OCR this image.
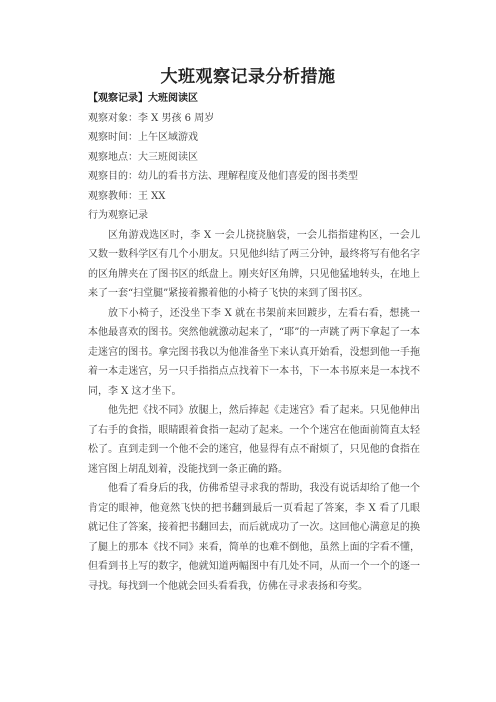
大班观察记录分析措施
【观察记录】大班阅读区
观察对象：李 X 男孩 6 周岁
观察时间：上午区域游戏
观察地点：大三班阅读区
观察目的：幼儿的看书方法、理解程度及他们喜爱的图书类型
观察教师：王 XX
行为观察记录
区角游戏选区时，李 X 一会儿挠挠脑袋，一会儿指指建构区，一会儿又数一数科学区有几个小朋友。只见他纠结了两三分钟，最终将写有他名字的区角牌夹在了图书区的纸盘上。刚夹好区角牌，只见他猛地转头，在地上来了一套“扫堂腿”紧接着搬着他的小椅子飞快的来到了图书区。
放下小椅子，还没坐下李 X 就在书架前来回踱步，左看右看，想挑一本他最喜欢的图书。突然他就激动起来了，“耶”的一声跳了两下拿起了一本走迷宫的图书。拿完图书我以为他准备坐下来认真开始看，没想到他一手拖着一本走迷宫，另一只手指指点点找着下一本书，下一本书原来是一本找不同，李 X 这才坐下。
他先把《找不同》放腿上，然后捧起《走迷宫》看了起来。只见他伸出了右手的食指，眼睛跟着食指一起动了起来。一个个迷宫在他面前简直太轻松了。直到走到一个他不会的迷宫，他显得有点不耐烦了，只见他的食指在迷宫图上胡乱划着，没能找到一条正确的路。
他看了看身后的我，仿佛希望寻求我的帮助，我没有说话却给了他一个肯定的眼神，他竟然飞快的把书翻到最后一页看起了答案，李 X 看了几眼就记住了答案，接着把书翻回去，而后就成功了一次。这回他心满意足的换了腿上的那本《找不同》来看，简单的也难不倒他，虽然上面的字看不懂，但看到书上写的数字，他就知道两幅图中有几处不同，从而一个一个的逐一寻找。每找到一个他就会回头看看我，仿佛在寻求表扬和夸奖。
